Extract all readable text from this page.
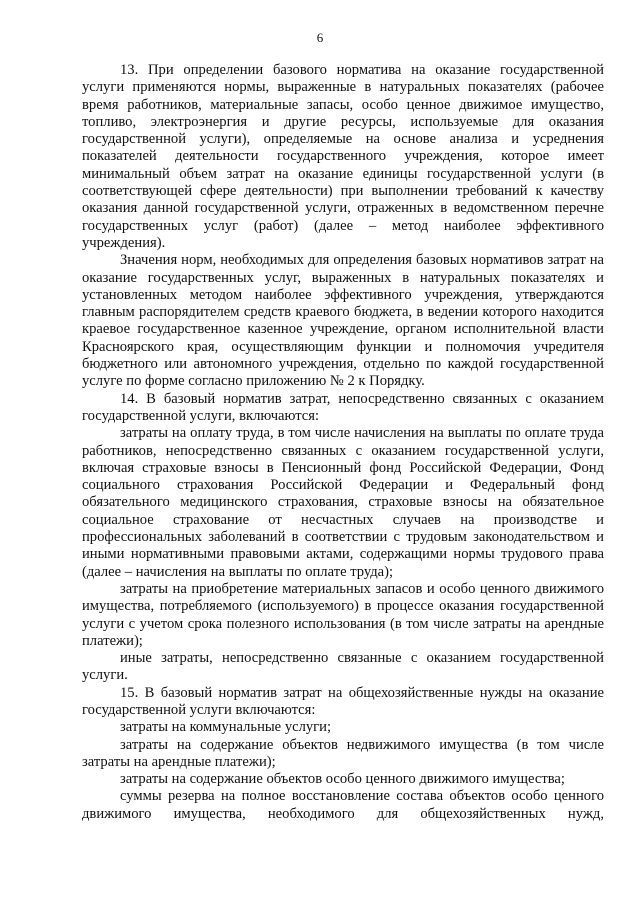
6

13. При определении базового норматива на оказание государственной услуги применяются нормы, выраженные в натуральных показателях (рабочее время работников, материальные запасы, особо ценное движимое имущество, топливо, электроэнергия и другие ресурсы, используемые для оказания государственной услуги), определяемые на основе анализа и усреднения показателей деятельности государственного учреждения, которое имеет минимальный объем затрат на оказание единицы государственной услуги (в соответствующей сфере деятельности) при выполнении требований к качеству оказания данной государственной услуги, отраженных в ведомственном перечне государственных услуг (работ) (далее – метод наиболее эффективного учреждения).

Значения норм, необходимых для определения базовых нормативов затрат на оказание государственных услуг, выраженных в натуральных показателях и установленных методом наиболее эффективного учреждения, утверждаются главным распорядителем средств краевого бюджета, в ведении которого находится краевое государственное казенное учреждение, органом исполнительной власти Красноярского края, осуществляющим функции и полномочия учредителя бюджетного или автономного учреждения, отдельно по каждой государственной услуге по форме согласно приложению № 2 к Порядку.

14. В базовый норматив затрат, непосредственно связанных с оказанием государственной услуги, включаются:

затраты на оплату труда, в том числе начисления на выплаты по оплате труда работников, непосредственно связанных с оказанием государственной услуги, включая страховые взносы в Пенсионный фонд Российской Федерации, Фонд социального страхования Российской Федерации и Федеральный фонд обязательного медицинского страхования, страховые взносы на обязательное социальное страхование от несчастных случаев на производстве и профессиональных заболеваний в соответствии с трудовым законодательством и иными нормативными правовыми актами, содержащими нормы трудового права (далее – начисления на выплаты по оплате труда);

затраты на приобретение материальных запасов и особо ценного движимого имущества, потребляемого (используемого) в процессе оказания государственной услуги с учетом срока полезного использования (в том числе затраты на арендные платежи);

иные затраты, непосредственно связанные с оказанием государственной услуги.

15. В базовый норматив затрат на общехозяйственные нужды на оказание государственной услуги включаются:

затраты на коммунальные услуги;

затраты на содержание объектов недвижимого имущества (в том числе затраты на арендные платежи);

затраты на содержание объектов особо ценного движимого имущества;

суммы резерва на полное восстановление состава объектов особо ценного движимого имущества, необходимого для общехозяйственных нужд,
